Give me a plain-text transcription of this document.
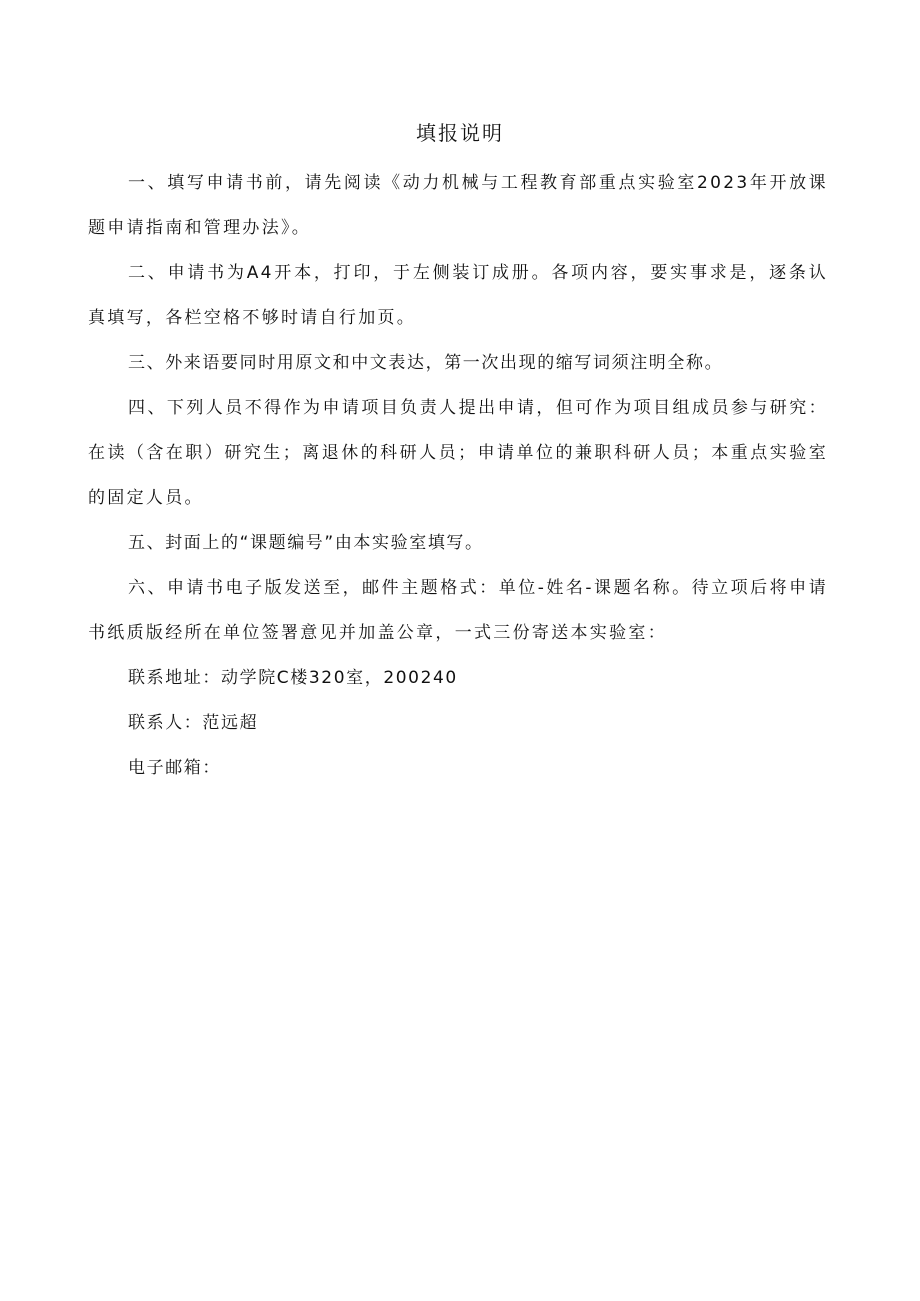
填报说明

一、填写申请书前，请先阅读《动力机械与工程教育部重点实验室2023年开放课题申请指南和管理办法》。

二、申请书为A4开本，打印，于左侧装订成册。各项内容，要实事求是，逐条认真填写，各栏空格不够时请自行加页。

三、外来语要同时用原文和中文表达，第一次出现的缩写词须注明全称。

四、下列人员不得作为申请项目负责人提出申请，但可作为项目组成员参与研究：在读（含在职）研究生；离退休的科研人员；申请单位的兼职科研人员；本重点实验室的固定人员。

五、封面上的“课题编号”由本实验室填写。

六、申请书电子版发送至，邮件主题格式：单位-姓名-课题名称。待立项后将申请书纸质版经所在单位签署意见并加盖公章，一式三份寄送本实验室：

联系地址：动学院C楼320室，200240

联系人：范远超

电子邮箱：
